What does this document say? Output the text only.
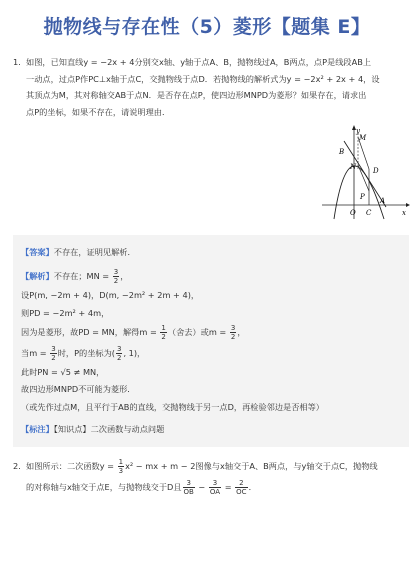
抛物线与存在性（5）菱形【题集 E】
1. 如图，已知直线y = −2x + 4分别交x轴、y轴于点A、B，抛物线过A，B两点，点P是线段AB上
一动点，过点P作PC⊥x轴于点C，交抛物线于点D．若抛物线的解析式为y = −2x² + 2x + 4，设
其顶点为M，其对称轴交AB于点N．是否存在点P，使四边形MNPD为菱形？如果存在，请求出
点P的坐标，如果不存在，请说明理由．
y
M
B
N D
P A
O C	x
【答案】不存在，证明见解析．
【解析】不存在；MN = $\frac{3}{2}$ ，
设P(m, −2m + 4)，D(m, −2m² + 2m + 4)，
则PD = −2m² + 4m，
因为是菱形，故PD = MN，解得$m = \frac{1}{2}$ （舍去）或$m = \frac{3}{2}$ ，
当$m = \frac{3}{2}$ 时，P的坐标为( $\frac{3}{2}$ , 1)，
此时PN = √5 ≠ MN，
故四边形MNPD不可能为菱形．
（或先作过点M，且平行于AB的直线，交抛物线于另一点D，再检验邻边是否相等）
【标注】【知识点】二次函数与动点问题
2. 如图所示：二次函数$y = \frac{1}{3} x^2$ − mx + m − 2图像与x轴交于A、B两点，与y轴交于点C，抛物线
的对称轴与x轴交于点E，与抛物线交于D且 $\frac{3}{OB} - \frac{3}{OA} = \frac{2}{OC}$ ．
